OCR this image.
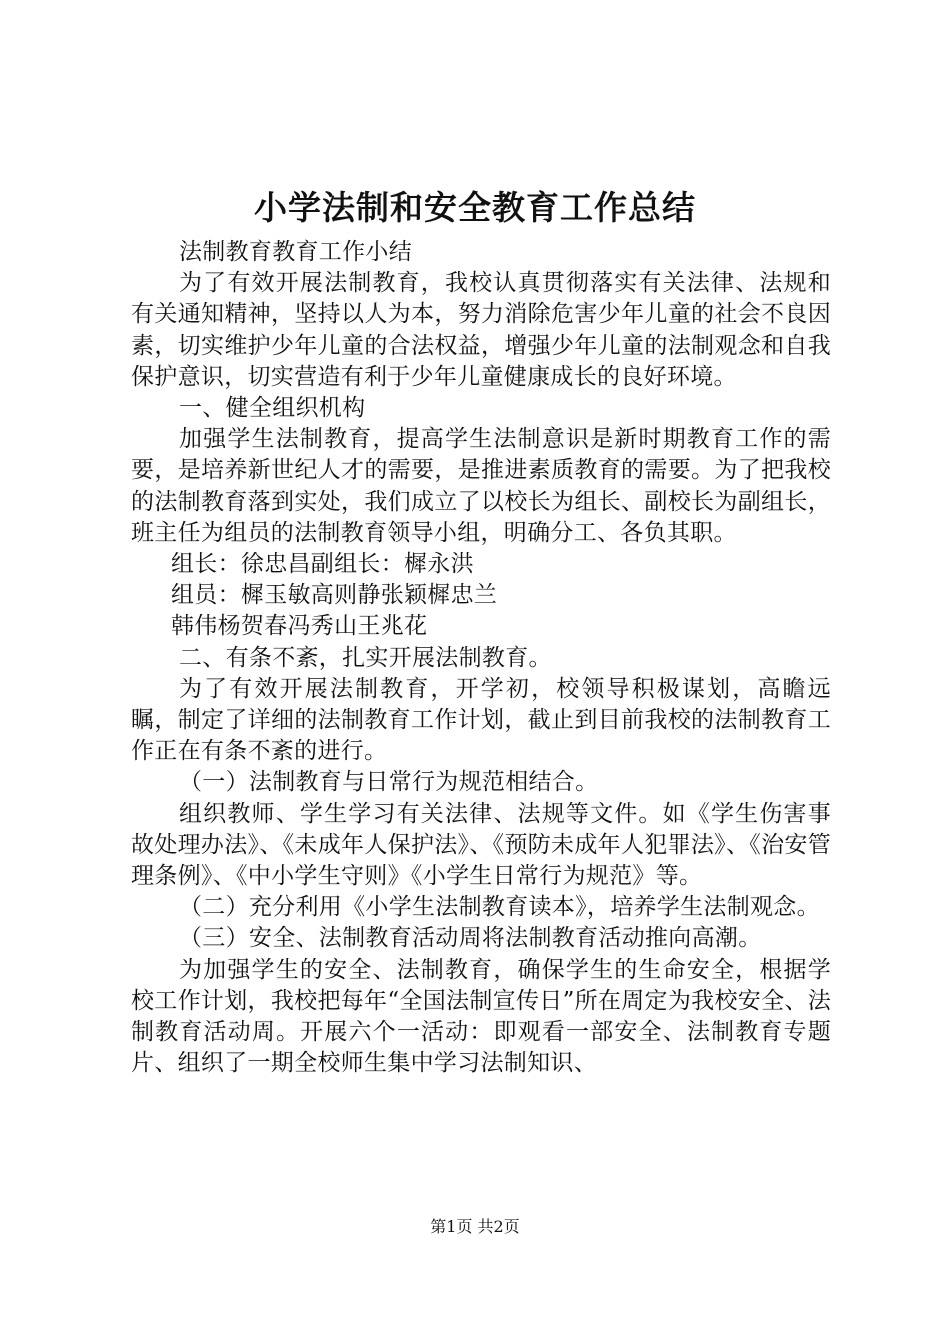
小学法制和安全教育工作总结

法制教育教育工作小结

为了有效开展法制教育，我校认真贯彻落实有关法律、法规和有关通知精神，坚持以人为本，努力消除危害少年儿童的社会不良因素，切实维护少年儿童的合法权益，增强少年儿童的法制观念和自我保护意识，切实营造有利于少年儿童健康成长的良好环境。

一、健全组织机构

加强学生法制教育，提高学生法制意识是新时期教育工作的需要，是培养新世纪人才的需要，是推进素质教育的需要。为了把我校的法制教育落到实处，我们成立了以校长为组长、副校长为副组长，班主任为组员的法制教育领导小组，明确分工、各负其职。

组长：徐忠昌副组长：樨永洪

组员：樨玉敏高则静张颖樨忠兰

韩伟杨贺春冯秀山王兆花

二、有条不紊，扎实开展法制教育。

为了有效开展法制教育，开学初，校领导积极谋划，高瞻远瞩，制定了详细的法制教育工作计划，截止到目前我校的法制教育工作正在有条不紊的进行。

（一）法制教育与日常行为规范相结合。

组织教师、学生学习有关法律、法规等文件。如《学生伤害事故处理办法》、《未成年人保护法》、《预防未成年人犯罪法》、《治安管理条例》、《中小学生守则》《小学生日常行为规范》等。

（二）充分利用《小学生法制教育读本》，培养学生法制观念。

（三）安全、法制教育活动周将法制教育活动推向高潮。

为加强学生的安全、法制教育，确保学生的生命安全，根据学校工作计划，我校把每年“全国法制宣传日”所在周定为我校安全、法制教育活动周。开展六个一活动：即观看一部安全、法制教育专题片、组织了一期全校师生集中学习法制知识、

第1页 共2页
